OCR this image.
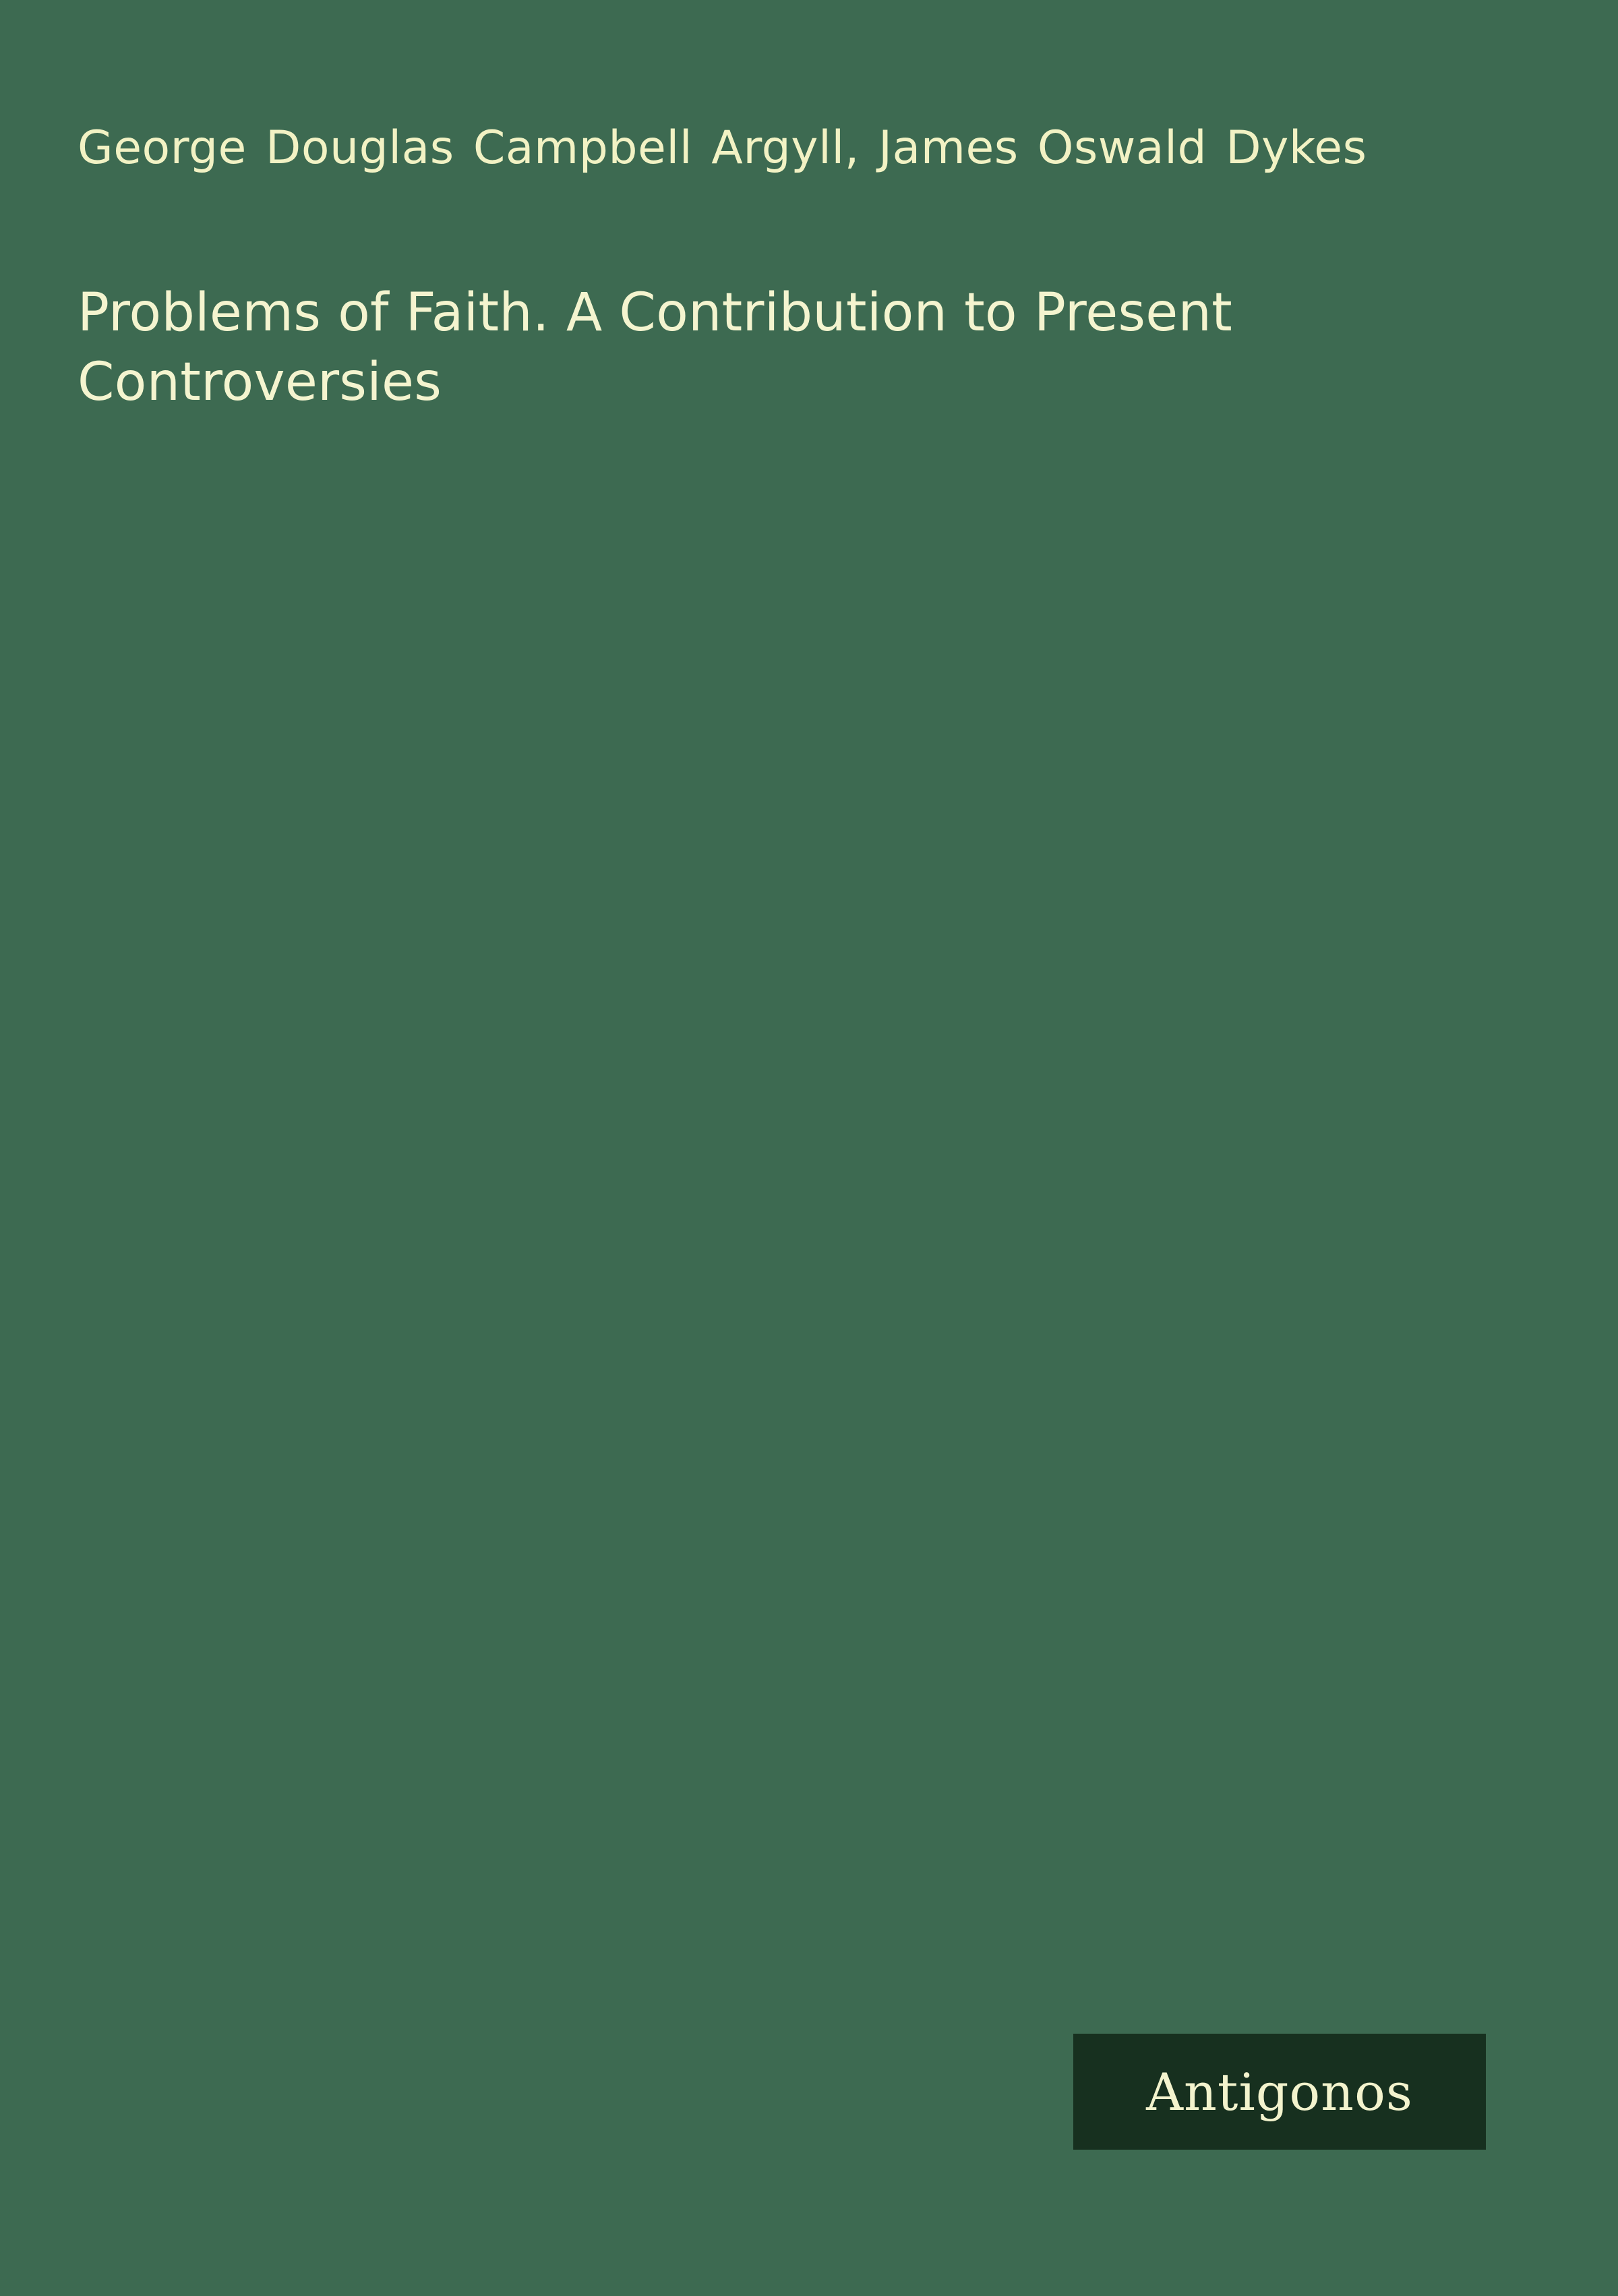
George Douglas Campbell Argyll, James Oswald Dykes

Problems of Faith. A Contribution to Present Controversies
Antigonos
